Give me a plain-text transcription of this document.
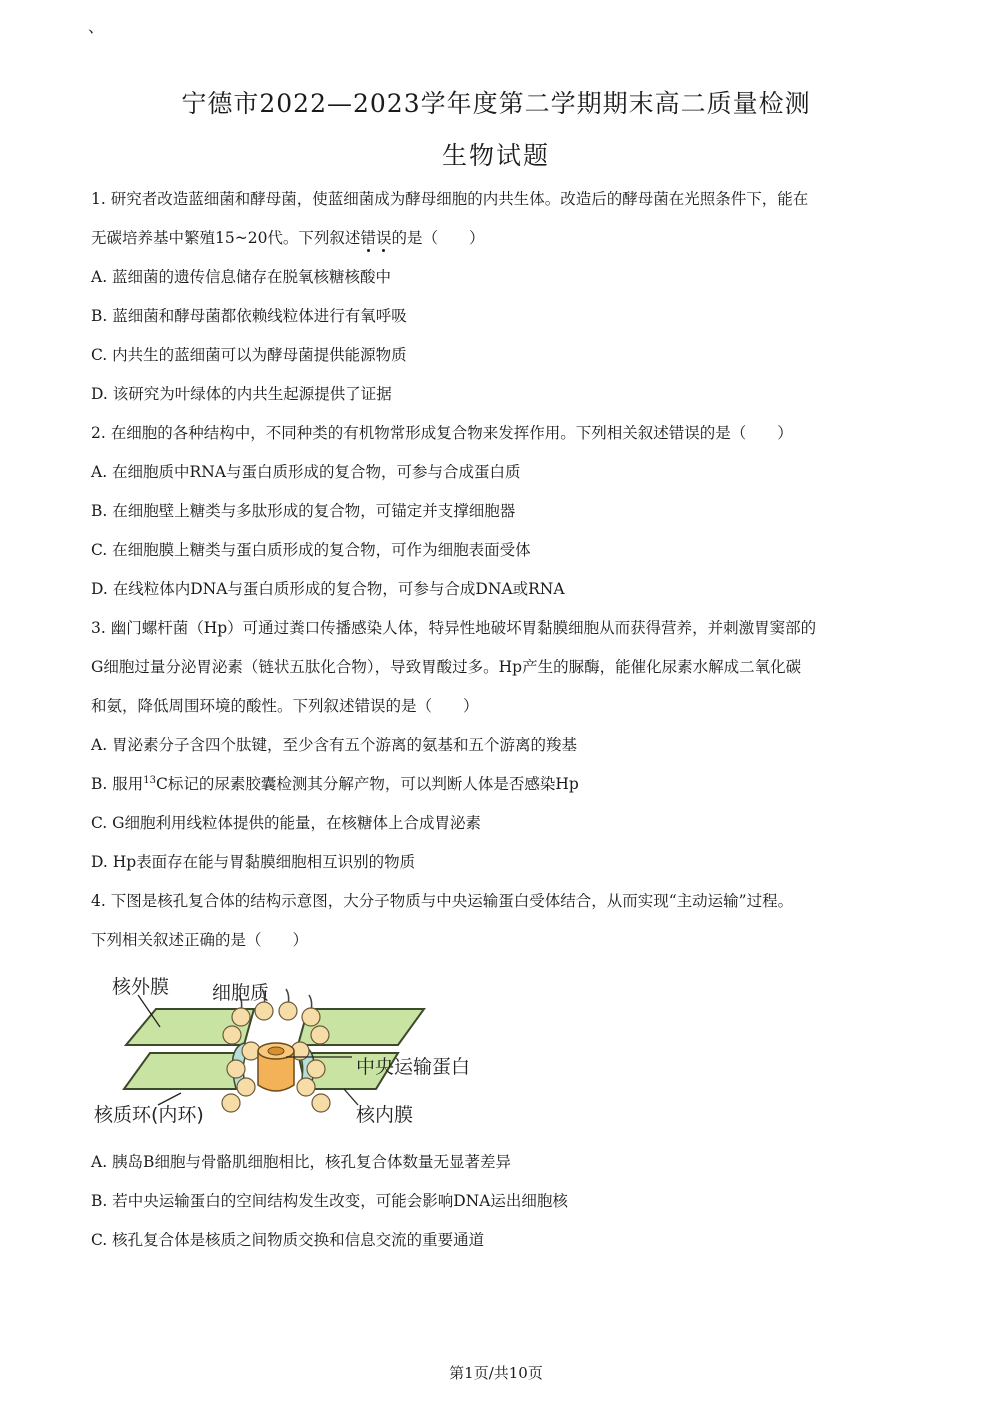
、
宁德市2022—2023学年度第二学期期末高二质量检测
生物试题
1. 研究者改造蓝细菌和酵母菌，使蓝细菌成为酵母细胞的内共生体。改造后的酵母菌在光照条件下，能在
无碳培养基中繁殖15~20代。下列叙述错误的是（　　）
A. 蓝细菌的遗传信息储存在脱氧核糖核酸中
B. 蓝细菌和酵母菌都依赖线粒体进行有氧呼吸
C. 内共生的蓝细菌可以为酵母菌提供能源物质
D. 该研究为叶绿体的内共生起源提供了证据
2. 在细胞的各种结构中，不同种类的有机物常形成复合物来发挥作用。下列相关叙述错误的是（　　）
A. 在细胞质中RNA与蛋白质形成的复合物，可参与合成蛋白质
B. 在细胞壁上糖类与多肽形成的复合物，可锚定并支撑细胞器
C. 在细胞膜上糖类与蛋白质形成的复合物，可作为细胞表面受体
D. 在线粒体内DNA与蛋白质形成的复合物，可参与合成DNA或RNA
3. 幽门螺杆菌（Hp）可通过粪口传播感染人体，特异性地破坏胃黏膜细胞从而获得营养，并刺激胃窦部的
G细胞过量分泌胃泌素（链状五肽化合物），导致胃酸过多。Hp产生的脲酶，能催化尿素水解成二氧化碳
和氨，降低周围环境的酸性。下列叙述错误的是（　　）
A. 胃泌素分子含四个肽键，至少含有五个游离的氨基和五个游离的羧基
B. 服用$^{13}$C标记的尿素胶囊检测其分解产物，可以判断人体是否感染Hp
C. G细胞利用线粒体提供的能量，在核糖体上合成胃泌素
D. Hp表面存在能与胃黏膜细胞相互识别的物质
4. 下图是核孔复合体的结构示意图，大分子物质与中央运输蛋白受体结合，从而实现“主动运输”过程。
下列相关叙述正确的是（　　）
核外膜 细胞质
中央运输蛋白
核质环(内环)	核内膜
A. 胰岛B细胞与骨骼肌细胞相比，核孔复合体数量无显著差异
B. 若中央运输蛋白的空间结构发生改变，可能会影响DNA运出细胞核
C. 核孔复合体是核质之间物质交换和信息交流的重要通道
第1页/共10页
